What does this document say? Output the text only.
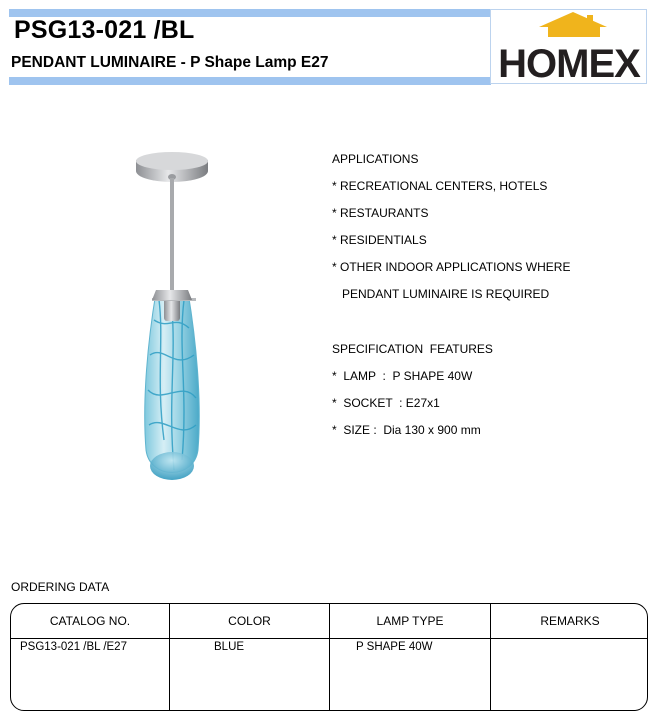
PSG13-021 /BL
PENDANT LUMINAIRE - P Shape Lamp E27	HOMEX
APPLICATIONS
* RECREATIONAL CENTERS, HOTELS
* RESTAURANTS
* RESIDENTIALS
* OTHER INDOOR APPLICATIONS WHERE
PENDANT LUMINAIRE IS REQUIRED
SPECIFICATION  FEATURES
*  LAMP  :  P SHAPE 40W
*  SOCKET  : E27x1
*  SIZE :  Dia 130 x 900 mm
ORDERING DATA
CATALOG NO.	COLOR	LAMP TYPE	REMARKS
PSG13-021 /BL /E27	BLUE	P SHAPE 40W
